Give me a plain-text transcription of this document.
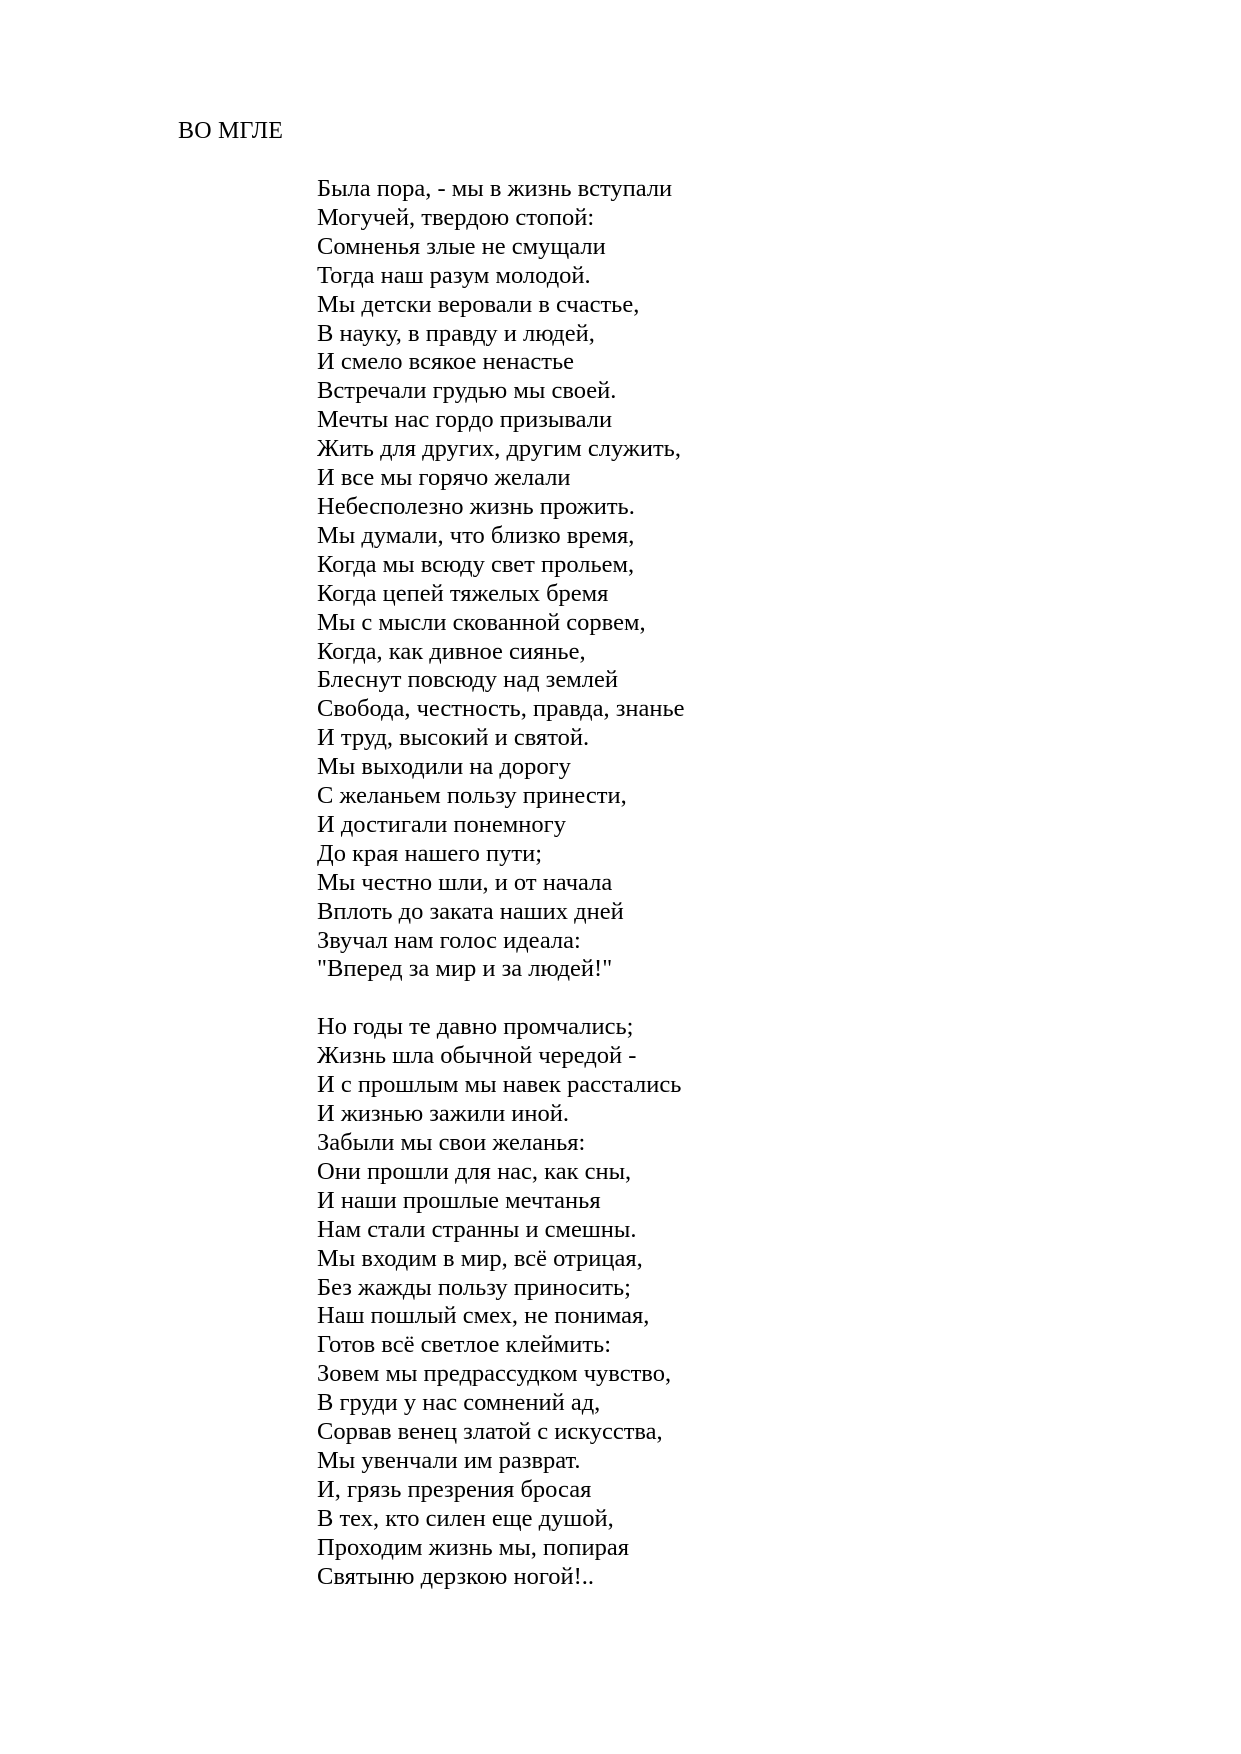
ВО МГЛЕ
Была пора, - мы в жизнь вступали
Могучей, твердою стопой:
Сомненья злые не смущали
Тогда наш разум молодой.
Мы детски веровали в счастье,
В науку, в правду и людей,
И смело всякое ненастье
Встречали грудью мы своей.
Мечты нас гордо призывали
Жить для других, другим служить,
И все мы горячо желали
Небесполезно жизнь прожить.
Мы думали, что близко время,
Когда мы всюду свет прольем,
Когда цепей тяжелых бремя
Мы с мысли скованной сорвем,
Когда, как дивное сиянье,
Блеснут повсюду над землей
Свобода, честность, правда, знанье
И труд, высокий и святой.
Мы выходили на дорогу
С желаньем пользу принести,
И достигали понемногу
До края нашего пути;
Мы честно шли, и от начала
Вплоть до заката наших дней
Звучал нам голос идеала:
"Вперед за мир и за людей!"
Но годы те давно промчались;
Жизнь шла обычной чередой -
И с прошлым мы навек расстались
И жизнью зажили иной.
Забыли мы свои желанья:
Они прошли для нас, как сны,
И наши прошлые мечтанья
Нам стали странны и смешны.
Мы входим в мир, всё отрицая,
Без жажды пользу приносить;
Наш пошлый смех, не понимая,
Готов всё светлое клеймить:
Зовем мы предрассудком чувство,
В груди у нас сомнений ад,
Сорвав венец златой с искусства,
Мы увенчали им разврат.
И, грязь презрения бросая
В тех, кто силен еще душой,
Проходим жизнь мы, попирая
Святыню дерзкою ногой!..
